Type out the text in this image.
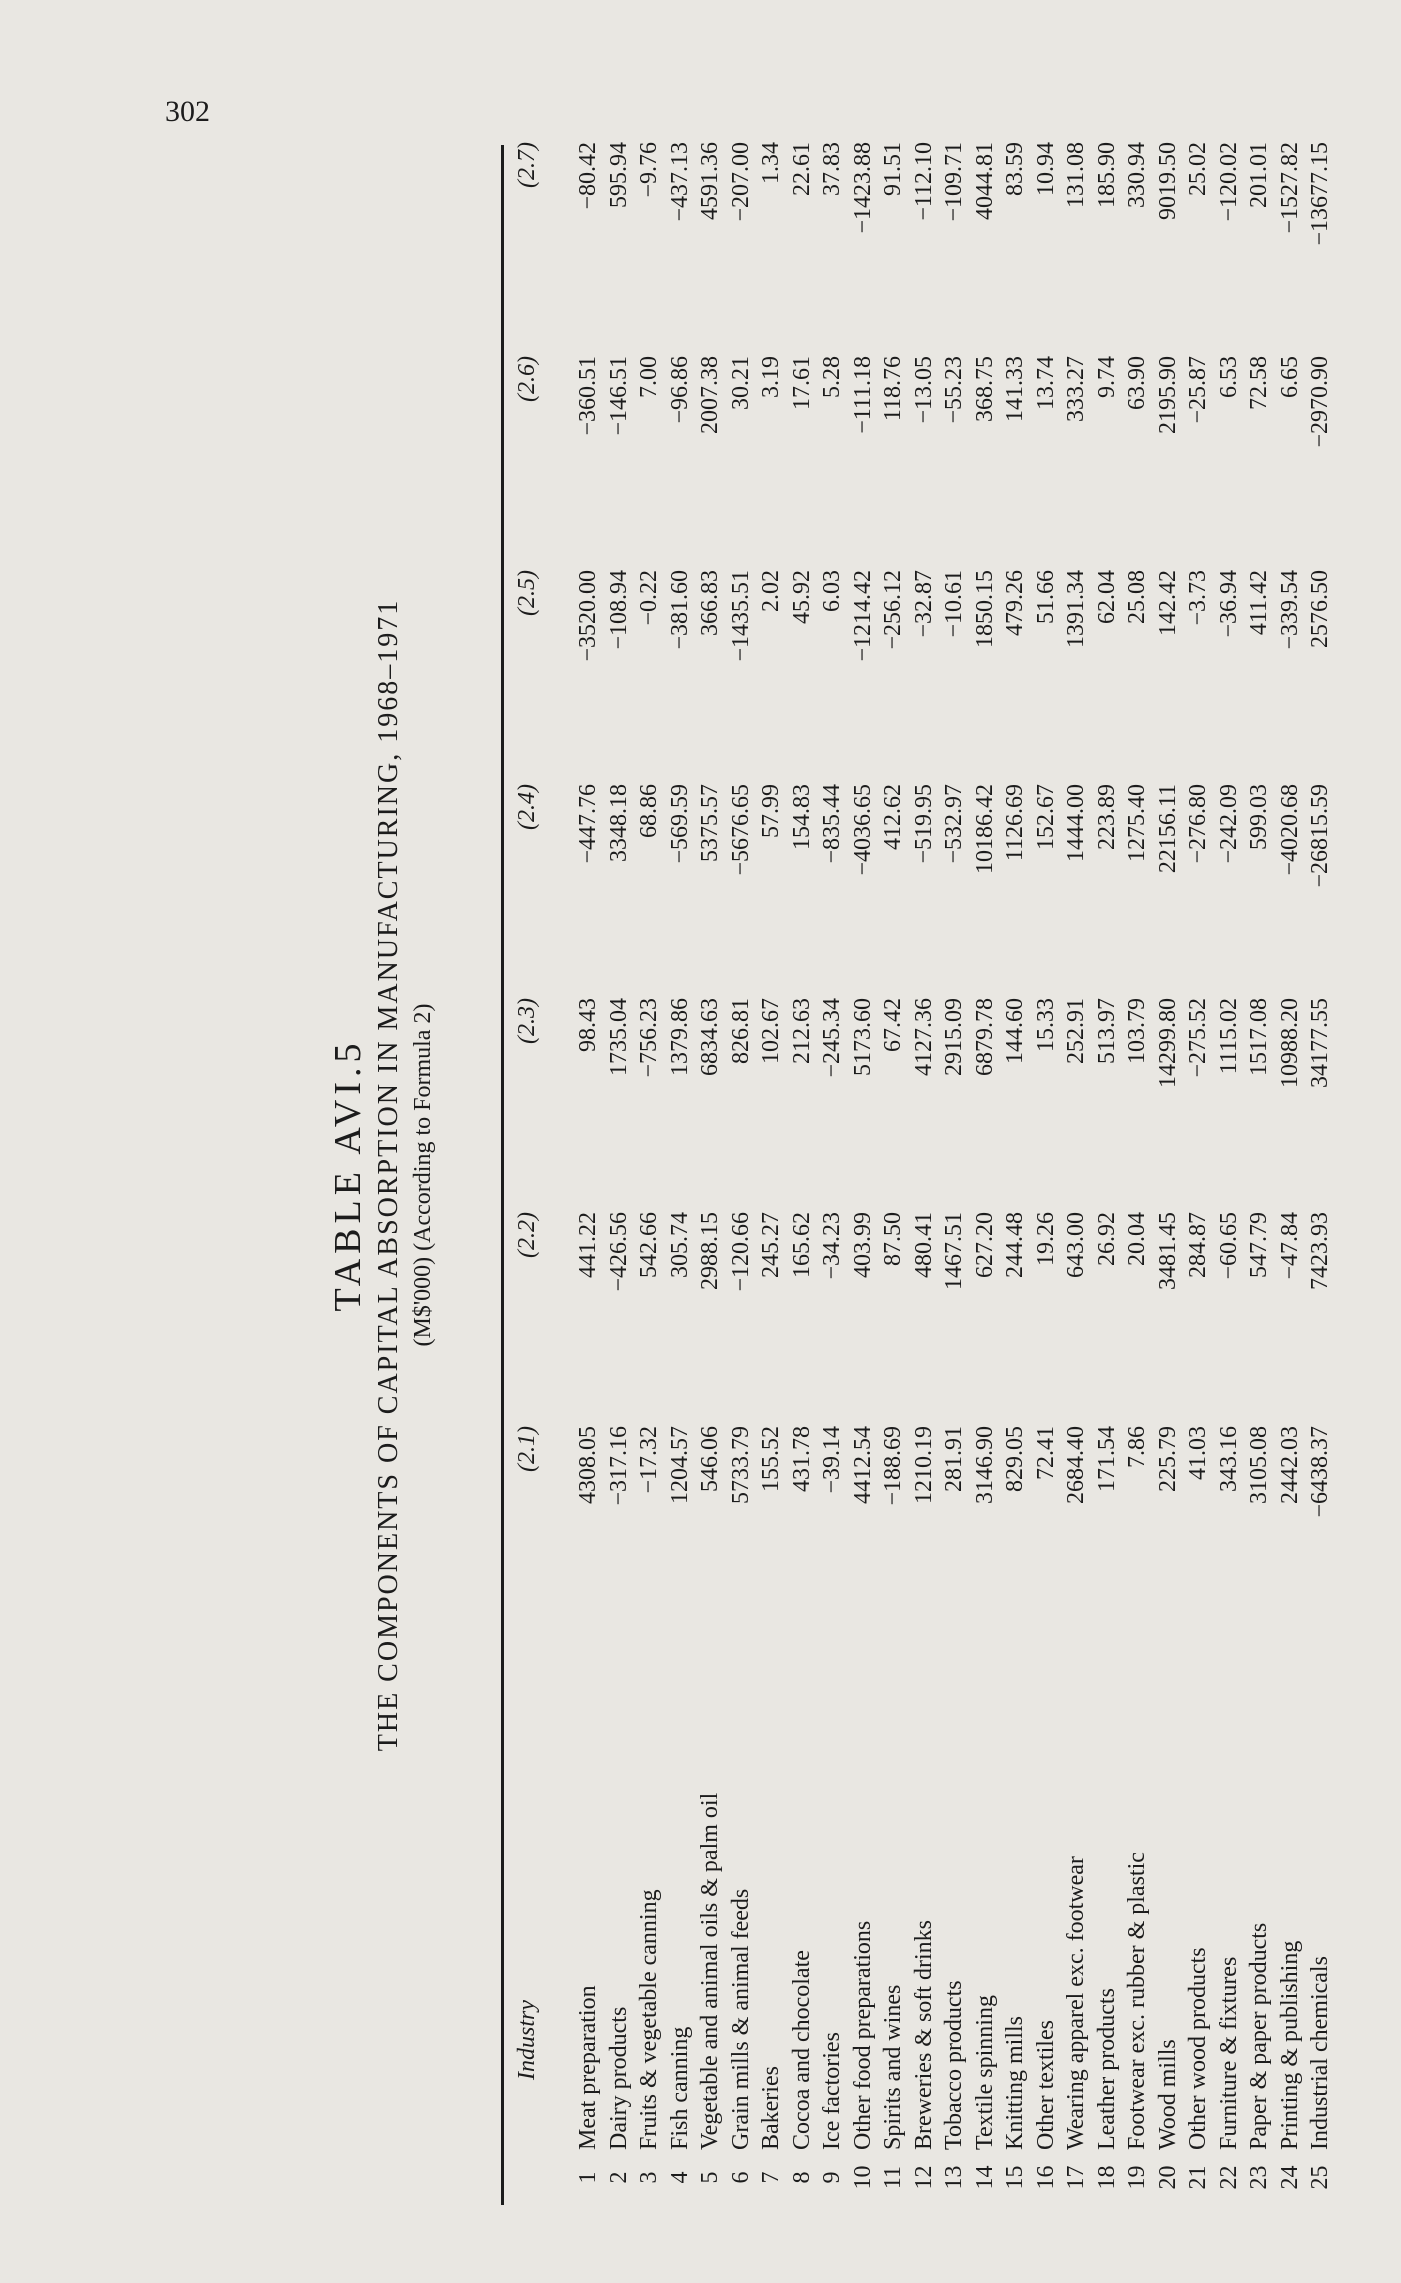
302
TABLE AVI.5 THE COMPONENTS OF CAPITAL ABSORPTION IN MANUFACTURING, 1968–1971 (M$'000) (According to Formula 2)
	Industry	(2.1)	(2.2)	(2.3)	(2.4)	(2.5)	(2.6)	(2.7)
1	Meat preparation	4308.05	441.22	98.43	−447.76	−3520.00	−360.51	−80.42
2	Dairy products	−317.16	−426.56	1735.04	3348.18	−108.94	−146.51	595.94
3	Fruits & vegetable canning	−17.32	542.66	−756.23	68.86	−0.22	7.00	−9.76
4	Fish canning	1204.57	305.74	1379.86	−569.59	−381.60	−96.86	−437.13
5	Vegetable and animal oils & palm oil	546.06	2988.15	6834.63	5375.57	366.83	2007.38	4591.36
6	Grain mills & animal feeds	5733.79	−120.66	826.81	−5676.65	−1435.51	30.21	−207.00
7	Bakeries	155.52	245.27	102.67	57.99	2.02	3.19	1.34
8	Cocoa and chocolate	431.78	165.62	212.63	154.83	45.92	17.61	22.61
9	Ice factories	−39.14	−34.23	−245.34	−835.44	6.03	5.28	37.83
10	Other food preparations	4412.54	403.99	5173.60	−4036.65	−1214.42	−111.18	−1423.88
11	Spirits and wines	−188.69	87.50	67.42	412.62	−256.12	118.76	91.51
12	Breweries & soft drinks	1210.19	480.41	4127.36	−519.95	−32.87	−13.05	−112.10
13	Tobacco products	281.91	1467.51	2915.09	−532.97	−10.61	−55.23	−109.71
14	Textile spinning	3146.90	627.20	6879.78	10186.42	1850.15	368.75	4044.81
15	Knitting mills	829.05	244.48	144.60	1126.69	479.26	141.33	83.59
16	Other textiles	72.41	19.26	15.33	152.67	51.66	13.74	10.94
17	Wearing apparel exc. footwear	2684.40	643.00	252.91	1444.00	1391.34	333.27	131.08
18	Leather products	171.54	26.92	513.97	223.89	62.04	9.74	185.90
19	Footwear exc. rubber & plastic	7.86	20.04	103.79	1275.40	25.08	63.90	330.94
20	Wood mills	225.79	3481.45	14299.80	22156.11	142.42	2195.90	9019.50
21	Other wood products	41.03	284.87	−275.52	−276.80	−3.73	−25.87	25.02
22	Furniture & fixtures	343.16	−60.65	1115.02	−242.09	−36.94	6.53	−120.02
23	Paper & paper products	3105.08	547.79	1517.08	599.03	411.42	72.58	201.01
24	Printing & publishing	2442.03	−47.84	10988.20	−4020.68	−339.54	6.65	−1527.82
25	Industrial chemicals	−6438.37	7423.93	34177.55	−26815.59	2576.50	−2970.90	−13677.15
